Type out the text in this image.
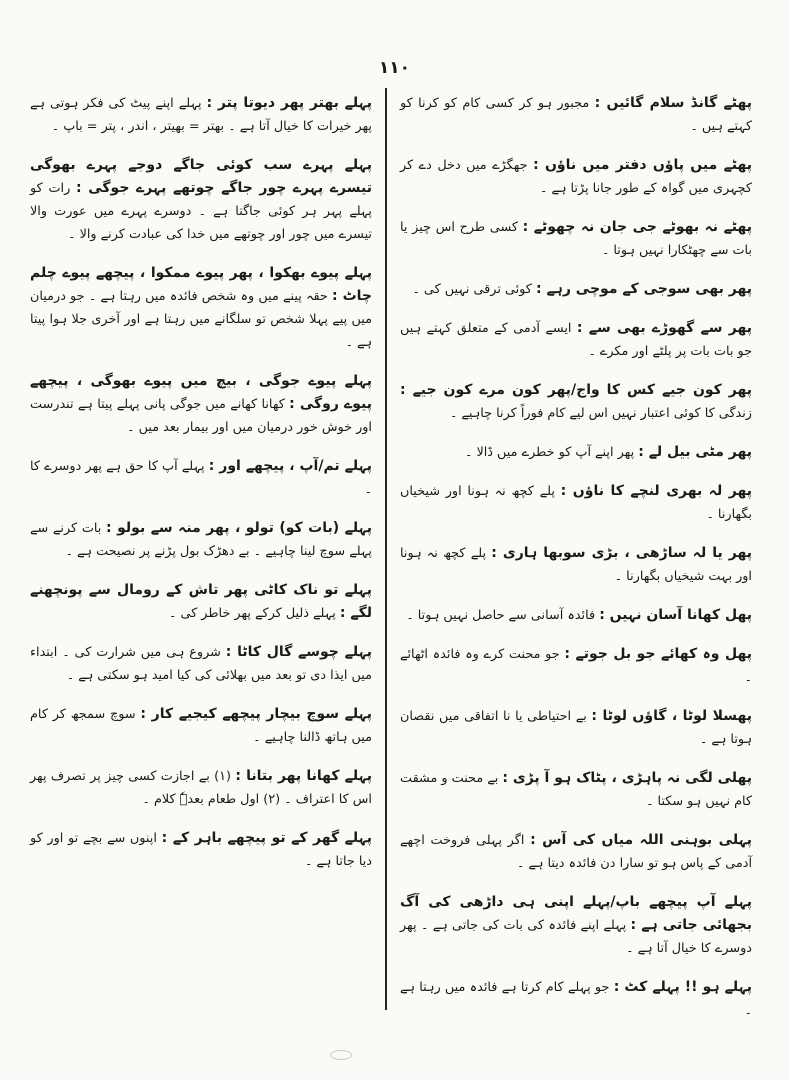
۱۱۰
پھٹے گانڈ سلام گائیں : مجبور ہو کر کسی کام کو کرنا کو کہتے ہیں ۔
پھٹے میں پاؤں دفتر میں ناؤں : جھگڑے میں دخل دے کر کچہری میں گواہ کے طور جانا پڑتا ہے ۔
پھٹے نہ بھوٹے جی جان نہ چھوٹے : کسی طرح اس چیز یا بات سے چھٹکارا نہیں ہوتا ۔
پھر بھی سوجی کے موچی رہے : کوئی ترقی نہیں کی ۔
پھر سے گھوڑے بھی سے : ایسے آدمی کے متعلق کہتے ہیں جو بات بات پر پلٹے اور مکرے ۔
پھر کون جیے کس کا واج/پھر کون مرے کون جیے : زندگی کا کوئی اعتبار نہیں اس لیے کام فوراً کرنا چاہیے ۔
پھر مٹی بیل لے : پھر اپنے آپ کو خطرے میں ڈالا ۔
پھر لہ بھری لنچے کا ناؤں : پلے کچھ نہ ہونا اور شیخیاں بگھارنا ۔
پھر یا لہ ساڑھی ، بڑی سوبھا ہاری : پلے کچھ نہ ہونا اور بہت شیخیاں بگھارنا ۔
پھل کھانا آسان نہیں : فائدہ آسانی سے حاصل نہیں ہوتا ۔
پھل وہ کھائے جو بل جوتے : جو محنت کرے وہ فائدہ اٹھائے ۔
پھسلا لوٹا ، گاؤں لوٹا : بے احتیاطی یا نا اتفاقی میں نقصان ہوتا ہے ۔
پھلی لگی نہ پاہڑی ، پٹاک ہو آ پڑی : بے محنت و مشقت کام نہیں ہو سکتا ۔
پہلی بوہنی اللہ میاں کی آس : اگر پہلی فروخت اچھے آدمی کے پاس ہو تو سارا دن فائدہ دیتا ہے ۔
پہلے آپ پیچھے باپ/پہلے اپنی ہی داڑھی کی آگ بجھائی جاتی ہے : پہلے اپنے فائدہ کی بات کی جاتی ہے ۔ پھر دوسرے کا خیال آتا ہے ۔
پہلے ہو !! پہلے کٹ : جو پہلے کام کرتا ہے فائدہ میں رہتا ہے ۔
پہلے بھتر پھر دیوتا پتر : پہلے اپنے پیٹ کی فکر ہوتی ہے پھر خیرات کا خیال آتا ہے ۔ بھتر = بھیتر ، اندر ، پتر = باپ ۔
پہلے پہرے سب کوئی جاگے دوجے پہرے بھوگی تیسرے پہرے چور جاگے چوتھے پہرے جوگی : رات کو پہلے پہر ہر کوئی جاگتا ہے ۔ دوسرے پہرے میں عورت والا تیسرے میں چور اور چوتھے میں خدا کی عبادت کرنے والا ۔
پہلے پیوے بھکوا ، پھر پیوے ممکوا ، پیچھے پیوے چلم چاٹ : حقہ پینے میں وہ شخص فائدہ میں رہتا ہے ۔ جو درمیان میں پیے پہلا شخص تو سلگانے میں رہتا ہے اور آخری جلا ہوا پیتا ہے ۔
پہلے پیوے جوگی ، بیچ میں پیوے بھوگی ، پیچھے پیوے روگی : کھانا کھانے میں جوگی پانی پہلے پیتا ہے تندرست اور خوش خور درمیان میں اور بیمار بعد میں ۔
پہلے تم/آپ ، پیچھے اور : پہلے آپ کا حق ہے پھر دوسرے کا ۔
پہلے (بات کو) تولو ، پھر منہ سے بولو : بات کرنے سے پہلے سوچ لینا چاہیے ۔ بے دھڑک بول پڑنے پر نصیحت ہے ۔
پہلے تو ناک کاٹی پھر تاش کے رومال سے پونچھنے لگے : پہلے ذلیل کرکے پھر خاطر کی ۔
پہلے چوسے گال کاٹا : شروع ہی میں شرارت کی ۔ ابتداء میں ایذا دی تو بعد میں بھلائی کی کیا امید ہو سکتی ہے ۔
پہلے سوچ بیچار پیچھے کیجیے کار : سوچ سمجھ کر کام میں ہاتھ ڈالنا چاہیے ۔
پہلے کھانا پھر بتانا : (۱) بے اجازت کسی چیز پر تصرف پھر اس کا اعتراف ۔ (۲) اول طعام بعدہٗ کلام ۔
پہلے گھر کے تو پیچھے باہر کے : اپنوں سے بچے تو اور کو دیا جاتا ہے ۔
